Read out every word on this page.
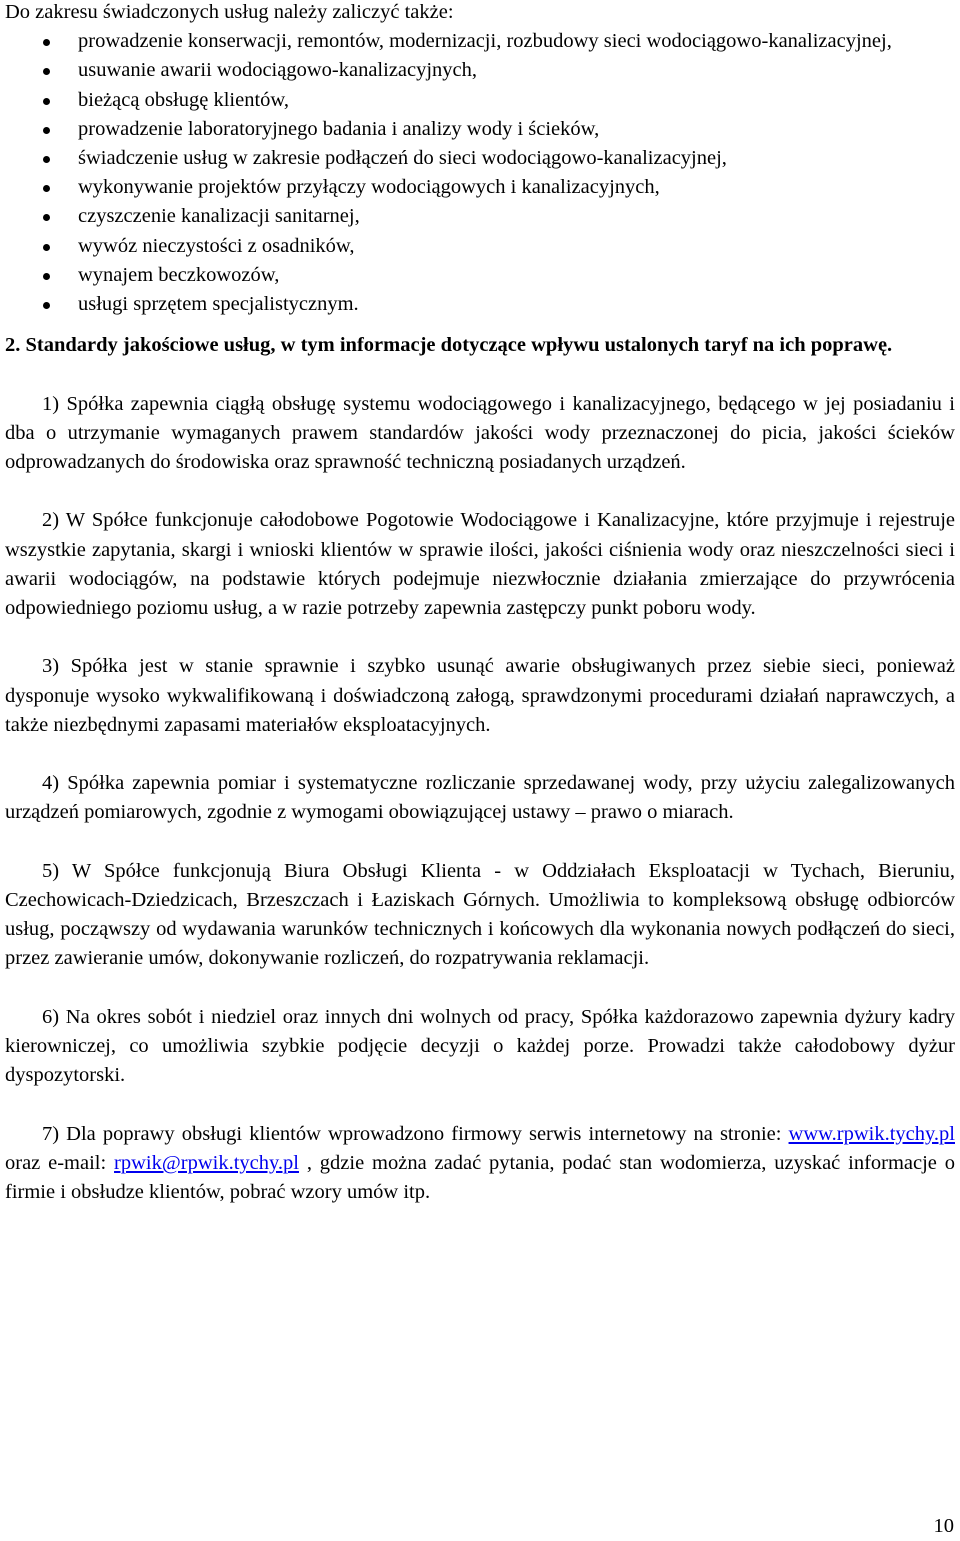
Do zakresu świadczonych usług należy zaliczyć także:

prowadzenie konserwacji, remontów, modernizacji, rozbudowy sieci wodociągowo-kanalizacyjnej,
usuwanie awarii wodociągowo-kanalizacyjnych,
bieżącą obsługę klientów,
prowadzenie laboratoryjnego badania i analizy wody i ścieków,
świadczenie usług w zakresie podłączeń do sieci wodociągowo-kanalizacyjnej,
wykonywanie projektów przyłączy wodociągowych i kanalizacyjnych,
czyszczenie kanalizacji sanitarnej,
wywóz nieczystości z osadników,
wynajem beczkowozów,
usługi sprzętem specjalistycznym.
2. Standardy jakościowe usług, w tym informacje dotyczące wpływu ustalonych taryf na ich poprawę.

1) Spółka zapewnia ciągłą obsługę systemu wodociągowego i kanalizacyjnego, będącego w jej posiadaniu i dba o utrzymanie wymaganych prawem standardów jakości wody przeznaczonej do picia, jakości ścieków odprowadzanych do środowiska oraz sprawność techniczną posiadanych urządzeń.

2) W Spółce funkcjonuje całodobowe Pogotowie Wodociągowe i Kanalizacyjne, które przyjmuje i rejestruje wszystkie zapytania, skargi i wnioski klientów w sprawie ilości, jakości ciśnienia wody oraz nieszczelności sieci i awarii wodociągów, na podstawie których podejmuje niezwłocznie działania zmierzające do przywrócenia odpowiedniego poziomu usług, a w razie potrzeby zapewnia zastępczy punkt poboru wody.

3) Spółka jest w stanie sprawnie i szybko usunąć awarie obsługiwanych przez siebie sieci, ponieważ dysponuje wysoko wykwalifikowaną i doświadczoną załogą, sprawdzonymi procedurami działań naprawczych, a także niezbędnymi zapasami materiałów eksploatacyjnych.

4) Spółka zapewnia pomiar i systematyczne rozliczanie sprzedawanej wody, przy użyciu zalegalizowanych urządzeń pomiarowych, zgodnie z wymogami obowiązującej ustawy – prawo o miarach.

5) W Spółce funkcjonują Biura Obsługi Klienta - w Oddziałach Eksploatacji w Tychach, Bieruniu, Czechowicach-Dziedzicach, Brzeszczach i Łaziskach Górnych. Umożliwia to kompleksową obsługę odbiorców usług, począwszy od wydawania warunków technicznych i końcowych dla wykonania nowych podłączeń do sieci, przez zawieranie umów, dokonywanie rozliczeń, do rozpatrywania reklamacji.

6) Na okres sobót i niedziel oraz innych dni wolnych od pracy, Spółka każdorazowo zapewnia dyżury kadry kierowniczej, co umożliwia szybkie podjęcie decyzji o każdej porze. Prowadzi także całodobowy dyżur dyspozytorski.

7) Dla poprawy obsługi klientów wprowadzono firmowy serwis internetowy na stronie: www.rpwik.tychy.pl oraz e-mail: rpwik@rpwik.tychy.pl , gdzie można zadać pytania, podać stan wodomierza, uzyskać informacje o firmie i obsłudze klientów, pobrać wzory umów itp.

10
